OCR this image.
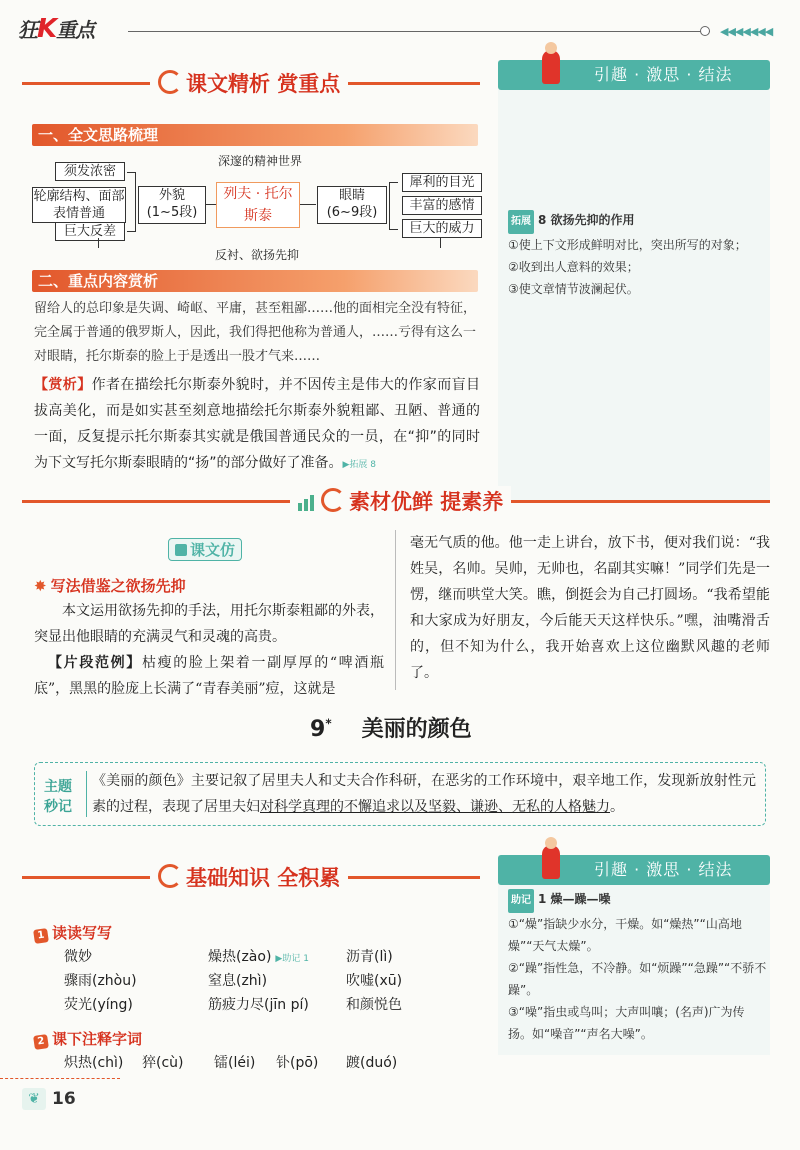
狂K重点	◀◀◀◀◀◀◀
课文精析 赏重点	引趣 · 激思 · 结法
拓展 8 欲扬先抑的作用
①使上下文形成鲜明对比，突出所写的对象；
②收到出人意料的效果；
③使文章情节波澜起伏。
一、全文思路梳理
深邃的精神世界
须发浓密
轮廓结构、面部表情普通
巨大反差
外貌
(1~5段)
列夫 · 托尔斯泰
眼睛
(6~9段)
犀利的目光
丰富的感情
巨大的威力
反衬、欲扬先抑
二、重点内容赏析
留给人的总印象是失调、崎岖、平庸，甚至粗鄙……他的面相完全没有特征，完全属于普通的俄罗斯人，因此，我们得把他称为普通人，……亏得有这么一对眼睛，托尔斯泰的脸上于是透出一股才气来……
【赏析】作者在描绘托尔斯泰外貌时，并不因传主是伟大的作家而盲目拔高美化，而是如实甚至刻意地描绘托尔斯泰外貌粗鄙、丑陋、普通的一面，反复提示托尔斯泰其实就是俄国普通民众的一员，在“抑”的同时为下文写托尔斯泰眼睛的“扬”的部分做好了准备。▶拓展 8
素材优鲜 提素养
课文仿
✸ 写法借鉴之欲扬先抑
本文运用欲扬先抑的手法，用托尔斯泰粗鄙的外表，突显出他眼睛的充满灵气和灵魂的高贵。
【片段范例】枯瘦的脸上架着一副厚厚的“啤酒瓶底”，黑黑的脸庞上长满了“青春美丽”痘，这就是
毫无气质的他。他一走上讲台，放下书，便对我们说：“我姓吴，名帅。吴帅，无帅也，名副其实嘛！”同学们先是一愣，继而哄堂大笑。瞧，倒挺会为自己打圆场。“我希望能和大家成为好朋友，今后能天天这样快乐。”嘿，油嘴滑舌的，但不知为什么，我开始喜欢上这位幽默风趣的老师了。
9* 美丽的颜色
主题
秒记
《美丽的颜色》主要记叙了居里夫人和丈夫合作科研，在恶劣的工作环境中，艰辛地工作，发现新放射性元素的过程，表现了居里夫妇对科学真理的不懈追求以及坚毅、谦逊、无私的人格魅力。
基础知识 全积累	引趣 · 激思 · 结法
助记 1 燥—躁—噪
①“燥”指缺少水分，干燥。如“燥热”“山高地燥”“天气太燥”。
②“躁”指性急，不冷静。如“烦躁”“急躁”“不骄不躁”。
③“噪”指虫或鸟叫；大声叫嚷；(名声)广为传扬。如“噪音”“声名大噪”。
1 读读写写
微妙	燥热(zào) ▶助记 1	沥青(lì)
骤雨(zhòu)	窒息(zhì)	吹嘘(xū)
荧光(yíng)	筋疲力尽(jīn pí)	和颜悦色
2 课下注释字词
炽热(chì) 猝(cù) 镭(léi) 钋(pō) 踱(duó)
❦ 16
